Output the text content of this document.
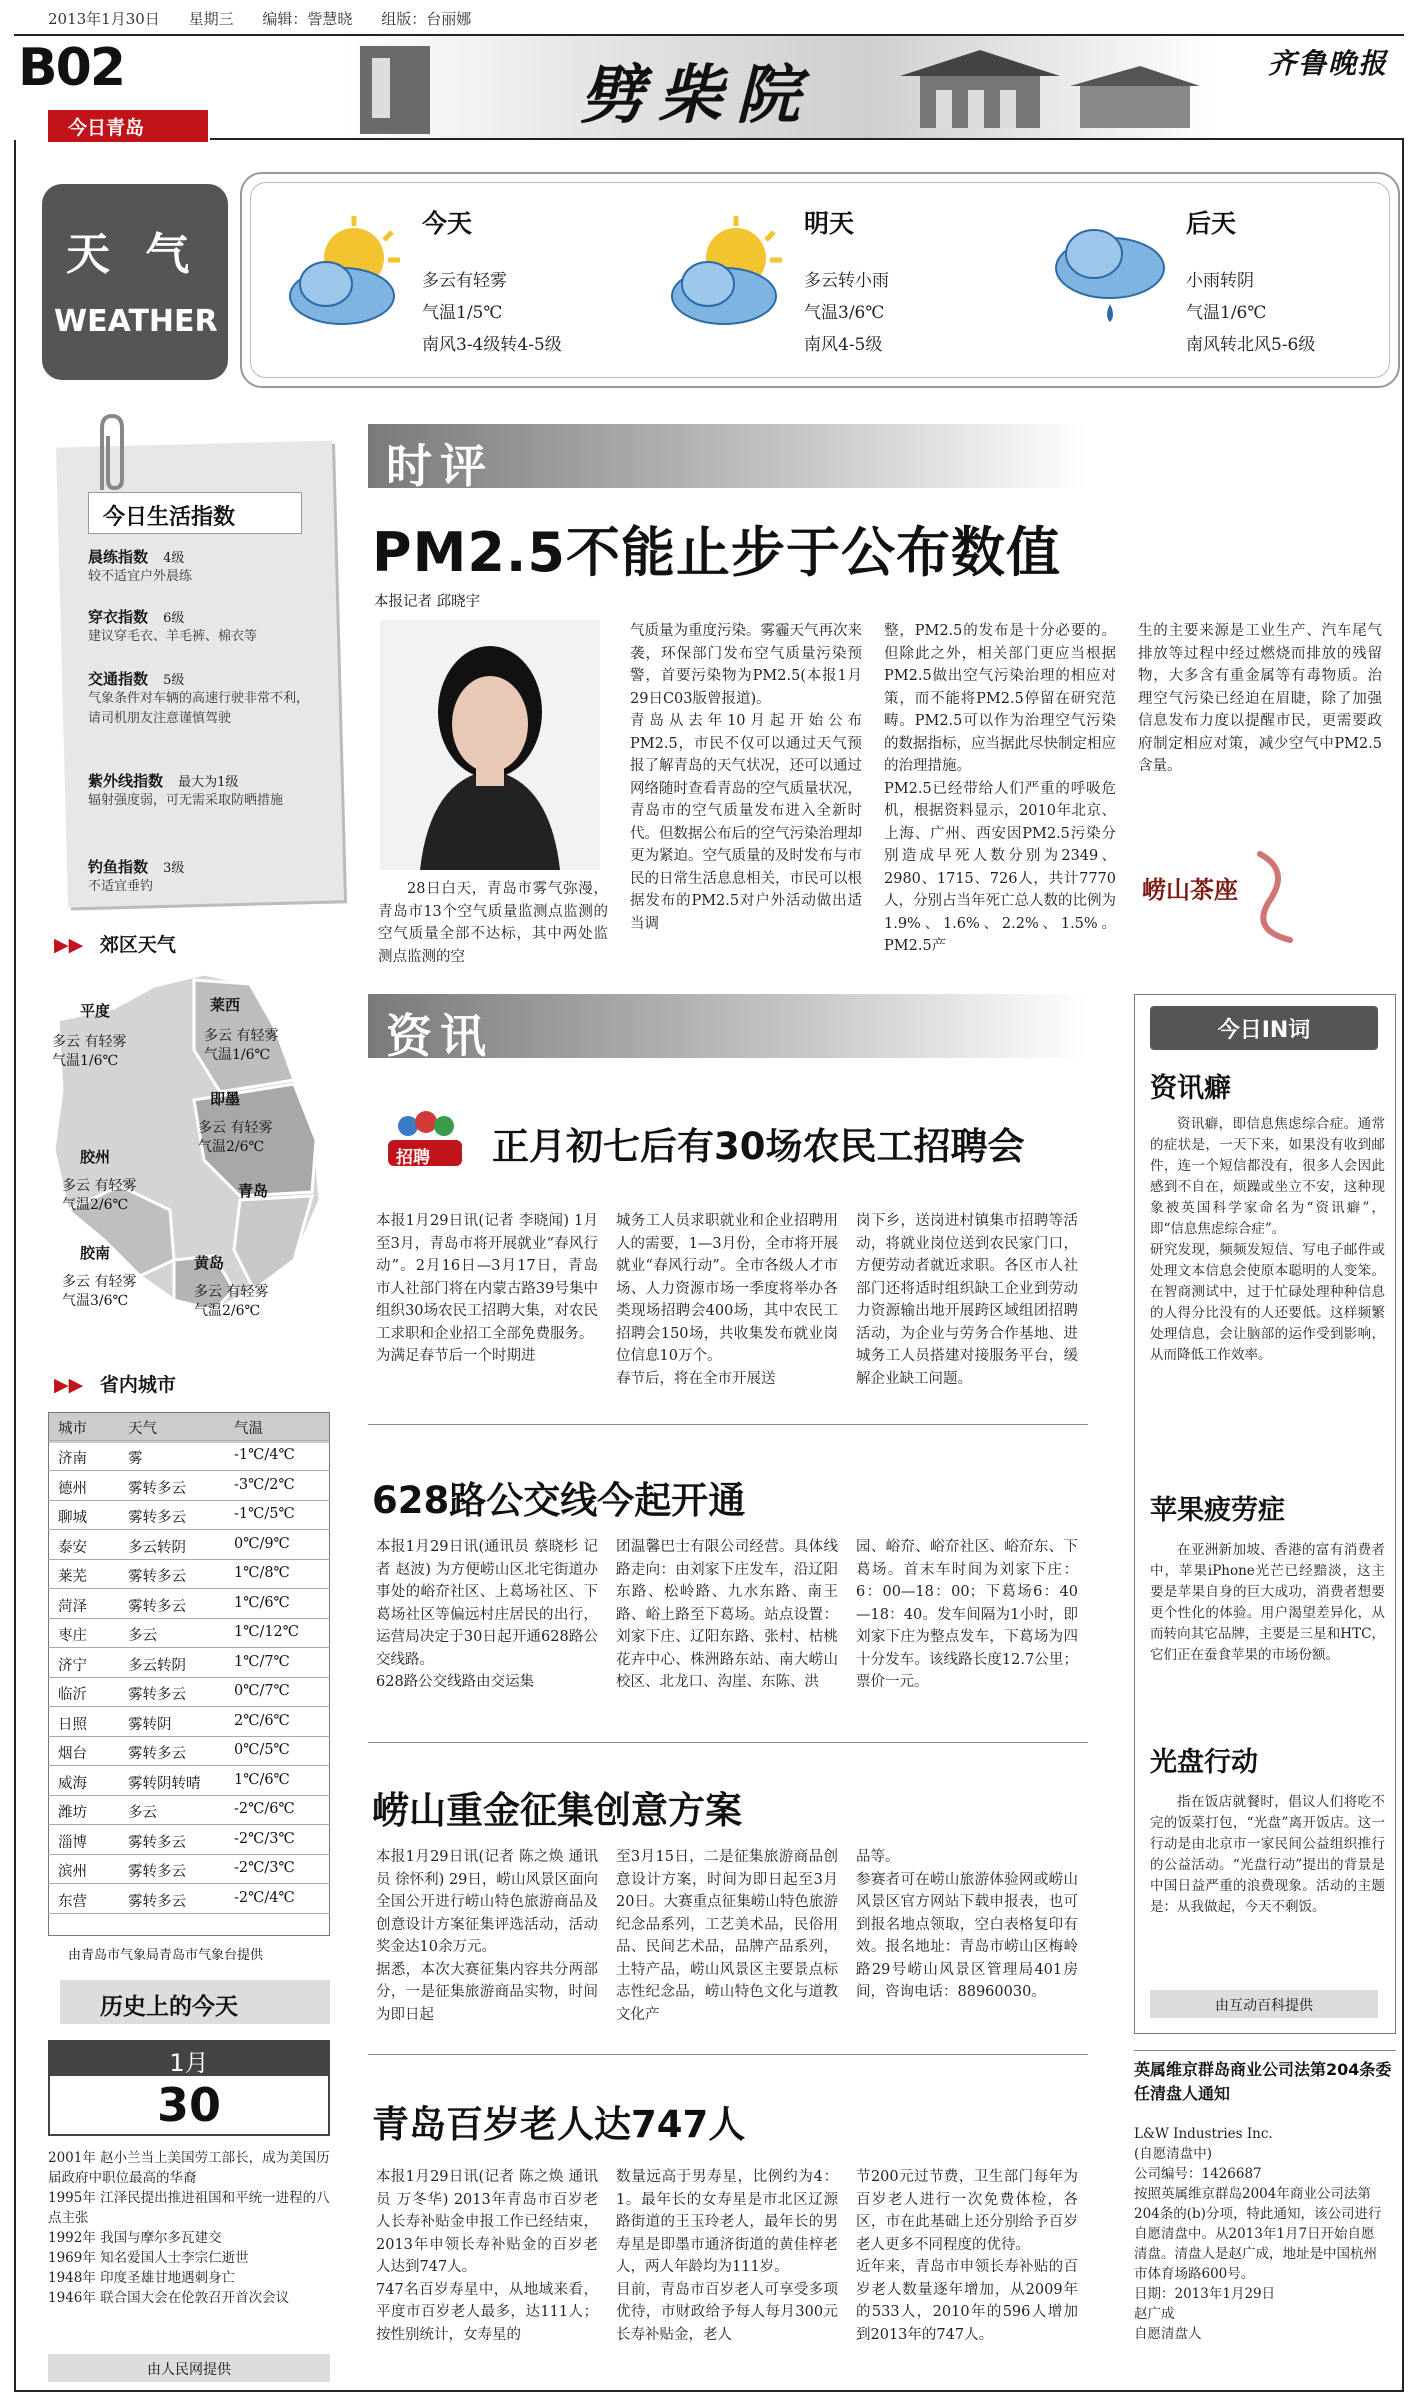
2013年1月30日 星期三 编辑：訾慧晓 组版：台丽娜
B02
今日青岛	劈柴院	齐鲁晚报
天 气
WEATHER
今天
多云有轻雾
气温1/5℃
南风3-4级转4-5级
明天
多云转小雨
气温3/6℃
南风4-5级
后天
小雨转阴
气温1/6℃
南风转北风5-6级
今日生活指数
晨练指数 4级
较不适宜户外晨练
穿衣指数 6级
建议穿毛衣、羊毛裤、棉衣等
交通指数 5级
气象条件对车辆的高速行驶非常不利，请司机朋友注意谨慎驾驶
紫外线指数 最大为1级
辐射强度弱，可无需采取防晒措施
钓鱼指数 3级
不适宜垂钓
▶▶ 郊区天气
平度
多云 有轻雾
气温1/6℃
莱西
多云 有轻雾
气温1/6℃
即墨
多云 有轻雾
气温2/6℃
胶州
多云 有轻雾
气温2/6℃
青岛
胶南
多云 有轻雾
气温3/6℃
黄岛
多云 有轻雾
气温2/6℃
▶▶ 省内城市
城市	天气	气温
济南	雾	-1℃/4℃
德州	雾转多云	-3℃/2℃
聊城	雾转多云	-1℃/5℃
泰安	多云转阴	0℃/9℃
莱芜	雾转多云	1℃/8℃
菏泽	雾转多云	1℃/6℃
枣庄	多云	1℃/12℃
济宁	多云转阴	1℃/7℃
临沂	雾转多云	0℃/7℃
日照	雾转阴	2℃/6℃
烟台	雾转多云	0℃/5℃
威海	雾转阴转晴 1℃/6℃
潍坊	多云	-2℃/6℃
淄博	雾转多云	-2℃/3℃
滨州	雾转多云	-2℃/3℃
东营	雾转多云	-2℃/4℃
由青岛市气象局青岛市气象台提供
历史上的今天
1月
30
2001年 赵小兰当上美国劳工部长，成为美国历届政府中职位最高的华裔
1995年 江泽民提出推进祖国和平统一进程的八点主张
1992年 我国与摩尔多瓦建交
1969年 知名爱国人士李宗仁逝世
1948年 印度圣雄甘地遇刺身亡
1946年 联合国大会在伦敦召开首次会议
由人民网提供
时评
PM2.5不能止步于公布数值
本报记者 邱晓宇
28日白天，青岛市雾气弥漫，青岛市13个空气质量监测点监测的空气质量全部不达标，其中两处监测点监测的空
气质量为重度污染。雾霾天气再次来袭，环保部门发布空气质量污染预警，首要污染物为PM2.5(本报1月29日C03版曾报道)。
青岛从去年10月起开始公布PM2.5，市民不仅可以通过天气预报了解青岛的天气状况，还可以通过网络随时查看青岛的空气质量状况，青岛市的空气质量发布进入全新时代。但数据公布后的空气污染治理却更为紧迫。空气质量的及时发布与市民的日常生活息息相关，市民可以根据发布的PM2.5对户外活动做出适当调
整，PM2.5的发布是十分必要的。但除此之外，相关部门更应当根据PM2.5做出空气污染治理的相应对策，而不能将PM2.5停留在研究范畴。PM2.5可以作为治理空气污染的数据指标，应当据此尽快制定相应的治理措施。
PM2.5已经带给人们严重的呼吸危机，根据资料显示，2010年北京、上海、广州、西安因PM2.5污染分别造成早死人数分别为2349、2980、1715、726人，共计7770人，分别占当年死亡总人数的比例为1.9%、1.6%、2.2%、1.5%。PM2.5产
生的主要来源是工业生产、汽车尾气排放等过程中经过燃烧而排放的残留物，大多含有重金属等有毒物质。治理空气污染已经迫在眉睫，除了加强信息发布力度以提醒市民，更需要政府制定相应对策，减少空气中PM2.5含量。
崂山茶座
资讯
招聘 正月初七后有30场农民工招聘会
本报1月29日讯(记者 李晓闻) 1月至3月，青岛市将开展就业“春风行动”。2月16日—3月17日，青岛市人社部门将在内蒙古路39号集中组织30场农民工招聘大集，对农民工求职和企业招工全部免费服务。
为满足春节后一个时期进
城务工人员求职就业和企业招聘用人的需要，1—3月份，全市将开展就业“春风行动”。全市各级人才市场、人力资源市场一季度将举办各类现场招聘会400场，其中农民工招聘会150场，共收集发布就业岗位信息10万个。
春节后，将在全市开展送
岗下乡，送岗进村镇集市招聘等活动，将就业岗位送到农民家门口，方便劳动者就近求职。各区市人社部门还将适时组织缺工企业到劳动力资源输出地开展跨区域组团招聘活动，为企业与劳务合作基地、进城务工人员搭建对接服务平台，缓解企业缺工问题。
628路公交线今起开通
本报1月29日讯(通讯员 蔡晓杉 记者 赵波) 为方便崂山区北宅街道办事处的峪夼社区、上葛场社区、下葛场社区等偏远村庄居民的出行，运营局决定于30日起开通628路公交线路。
628路公交线路由交运集
团温馨巴士有限公司经营。具体线路走向：由刘家下庄发车，沿辽阳东路、松岭路、九水东路、南王路、峪上路至下葛场。站点设置：刘家下庄、辽阳东路、张村、枯桃花卉中心、株洲路东站、南大崂山校区、北龙口、沟崖、东陈、洪
园、峪夼、峪夼社区、峪夼东、下葛场。首末车时间为刘家下庄：6：00—18：00；下葛场6：40—18：40。发车间隔为1小时，即刘家下庄为整点发车，下葛场为四十分发车。该线路长度12.7公里；票价一元。
崂山重金征集创意方案
本报1月29日讯(记者 陈之焕 通讯员 徐怀利) 29日，崂山风景区面向全国公开进行崂山特色旅游商品及创意设计方案征集评选活动，活动奖金达10余万元。
据悉，本次大赛征集内容共分两部分，一是征集旅游商品实物，时间为即日起
至3月15日，二是征集旅游商品创意设计方案，时间为即日起至3月20日。大赛重点征集崂山特色旅游纪念品系列，工艺美术品，民俗用品、民间艺术品，品牌产品系列，土特产品，崂山风景区主要景点标志性纪念品，崂山特色文化与道教文化产
品等。
参赛者可在崂山旅游体验网或崂山风景区官方网站下载申报表，也可到报名地点领取，空白表格复印有效。报名地址：青岛市崂山区梅岭路29号崂山风景区管理局401房间，咨询电话：88960030。
青岛百岁老人达747人
本报1月29日讯(记者 陈之焕 通讯员 万冬华) 2013年青岛市百岁老人长寿补贴金申报工作已经结束，2013年申领长寿补贴金的百岁老人达到747人。
747名百岁寿星中，从地域来看，平度市百岁老人最多，达111人；按性别统计，女寿星的
数量远高于男寿星，比例约为4：1。最年长的女寿星是市北区辽源路街道的王玉玲老人，最年长的男寿星是即墨市通济街道的黄佳梓老人，两人年龄均为111岁。
目前，青岛市百岁老人可享受多项优待，市财政给予每人每月300元长寿补贴金，老人
节200元过节费，卫生部门每年为百岁老人进行一次免费体检，各区，市在此基础上还分别给予百岁老人更多不同程度的优待。
近年来，青岛市申领长寿补贴的百岁老人数量逐年增加，从2009年的533人，2010年的596人增加到2013年的747人。
今日IN词
资讯癖
资讯癖，即信息焦虑综合症。通常的症状是，一天下来，如果没有收到邮件，连一个短信都没有，很多人会因此感到不自在，烦躁或坐立不安，这种现象被英国科学家命名为“资讯癖”，即“信息焦虑综合症”。
研究发现，频频发短信、写电子邮件或处理文本信息会使原本聪明的人变笨。在智商测试中，过于忙碌处理种种信息的人得分比没有的人还要低。这样频繁处理信息，会让脑部的运作受到影响，从而降低工作效率。
苹果疲劳症
在亚洲新加坡、香港的富有消费者中，苹果iPhone光芒已经黯淡，这主要是苹果自身的巨大成功，消费者想要更个性化的体验。用户渴望差异化，从而转向其它品牌，主要是三星和HTC，它们正在蚕食苹果的市场份额。
光盘行动
指在饭店就餐时，倡议人们将吃不完的饭菜打包，“光盘”离开饭店。这一行动是由北京市一家民间公益组织推行的公益活动。“光盘行动”提出的背景是中国日益严重的浪费现象。活动的主题是：从我做起，今天不剩饭。
由互动百科提供
英属维京群岛商业公司法第204条委任清盘人通知
L&W Industries Inc.
(自愿清盘中)
公司编号：1426687
按照英属维京群岛2004年商业公司法第204条的(b)分项，特此通知，该公司进行自愿清盘中。从2013年1月7日开始自愿清盘。清盘人是赵广成，地址是中国杭州市体育场路600号。
日期：2013年1月29日
赵广成
自愿清盘人
